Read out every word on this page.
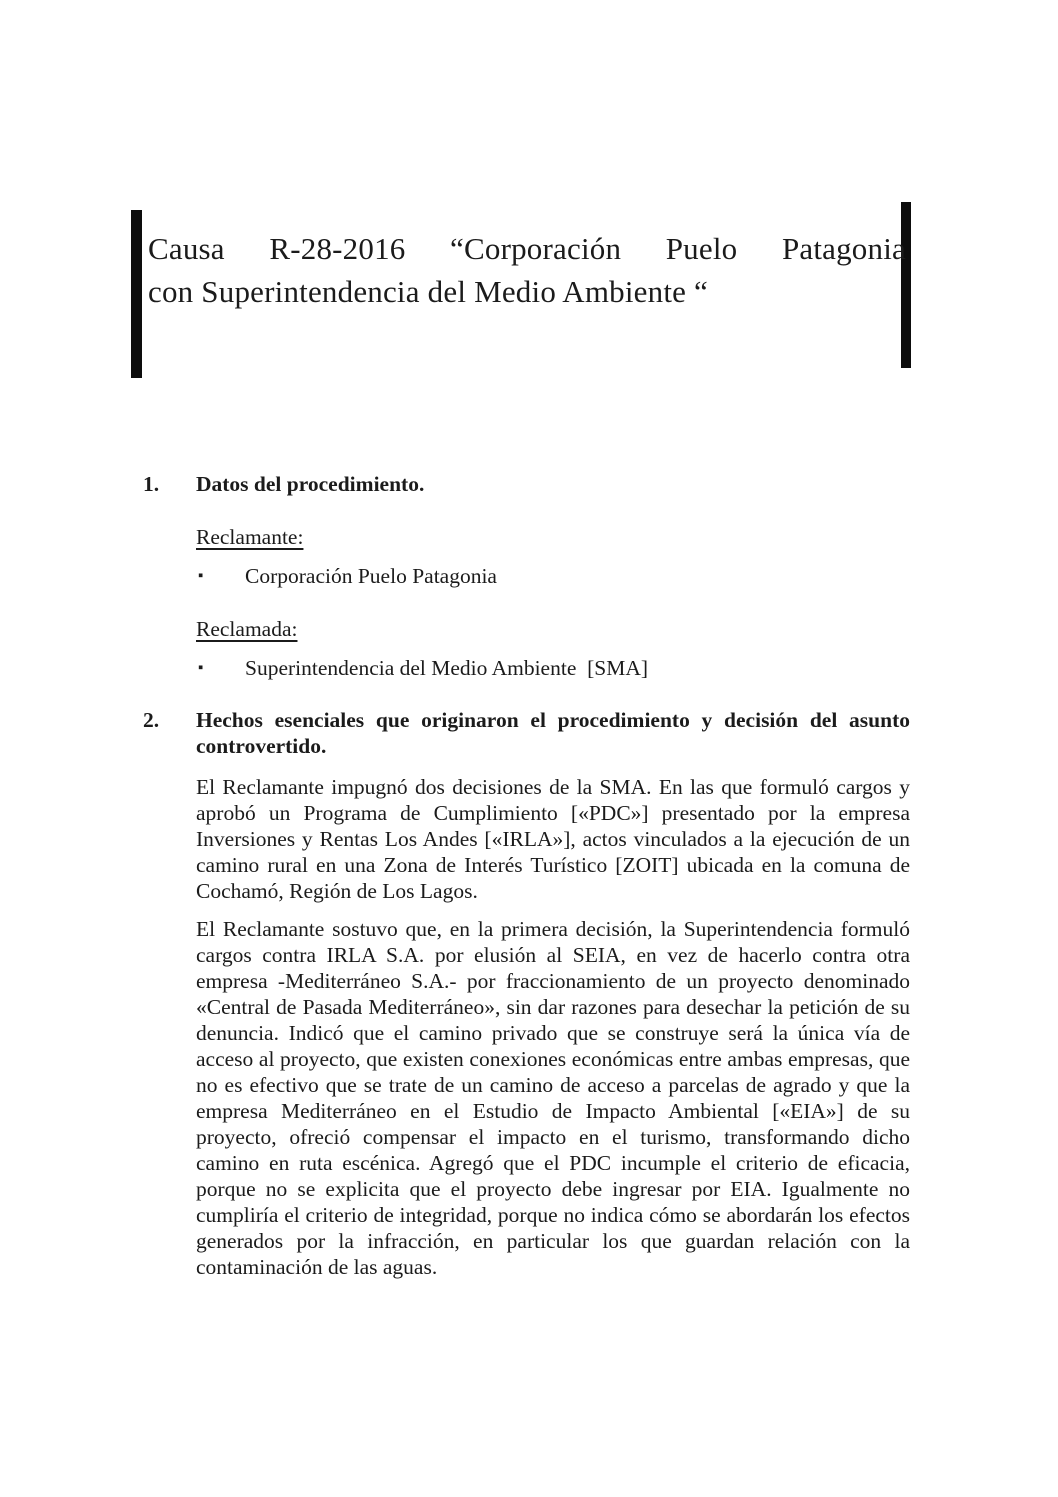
Causa R-28-2016 “Corporación Puelo Patagonia
con Superintendencia del Medio Ambiente “
1.	Datos del procedimiento.
Reclamante:
▪	Corporación Puelo Patagonia
Reclamada:
▪	Superintendencia del Medio Ambiente  [SMA]
2.	Hechos esenciales que originaron el procedimiento y decisión del asunto controvertido.

El Reclamante impugnó dos decisiones de la SMA. En las que formuló cargos y aprobó un Programa de Cumplimiento [«PDC»] presentado por la empresa Inversiones y Rentas Los Andes [«IRLA»], actos vinculados a la ejecución de un camino rural en una Zona de Interés Turístico [ZOIT] ubicada en la comuna de Cochamó, Región de Los Lagos.

El Reclamante sostuvo que, en la primera decisión, la Superintendencia formuló cargos contra IRLA S.A. por elusión al SEIA, en vez de hacerlo contra otra empresa -Mediterráneo S.A.- por fraccionamiento de un proyecto denominado «Central de Pasada Mediterráneo», sin dar razones para desechar la petición de su denuncia. Indicó que el camino privado que se construye será la única vía de acceso al proyecto, que existen conexiones económicas entre ambas empresas, que no es efectivo que se trate de un camino de acceso a parcelas de agrado y que la empresa Mediterráneo en el Estudio de Impacto Ambiental [«EIA»] de su proyecto, ofreció compensar el impacto en el turismo, transformando dicho camino en ruta escénica. Agregó que el PDC incumple el criterio de eficacia, porque no se explicita que el proyecto debe ingresar por EIA. Igualmente no cumpliría el criterio de integridad, porque no indica cómo se abordarán los efectos generados por la infracción, en particular los que guardan relación con la contaminación de las aguas.
